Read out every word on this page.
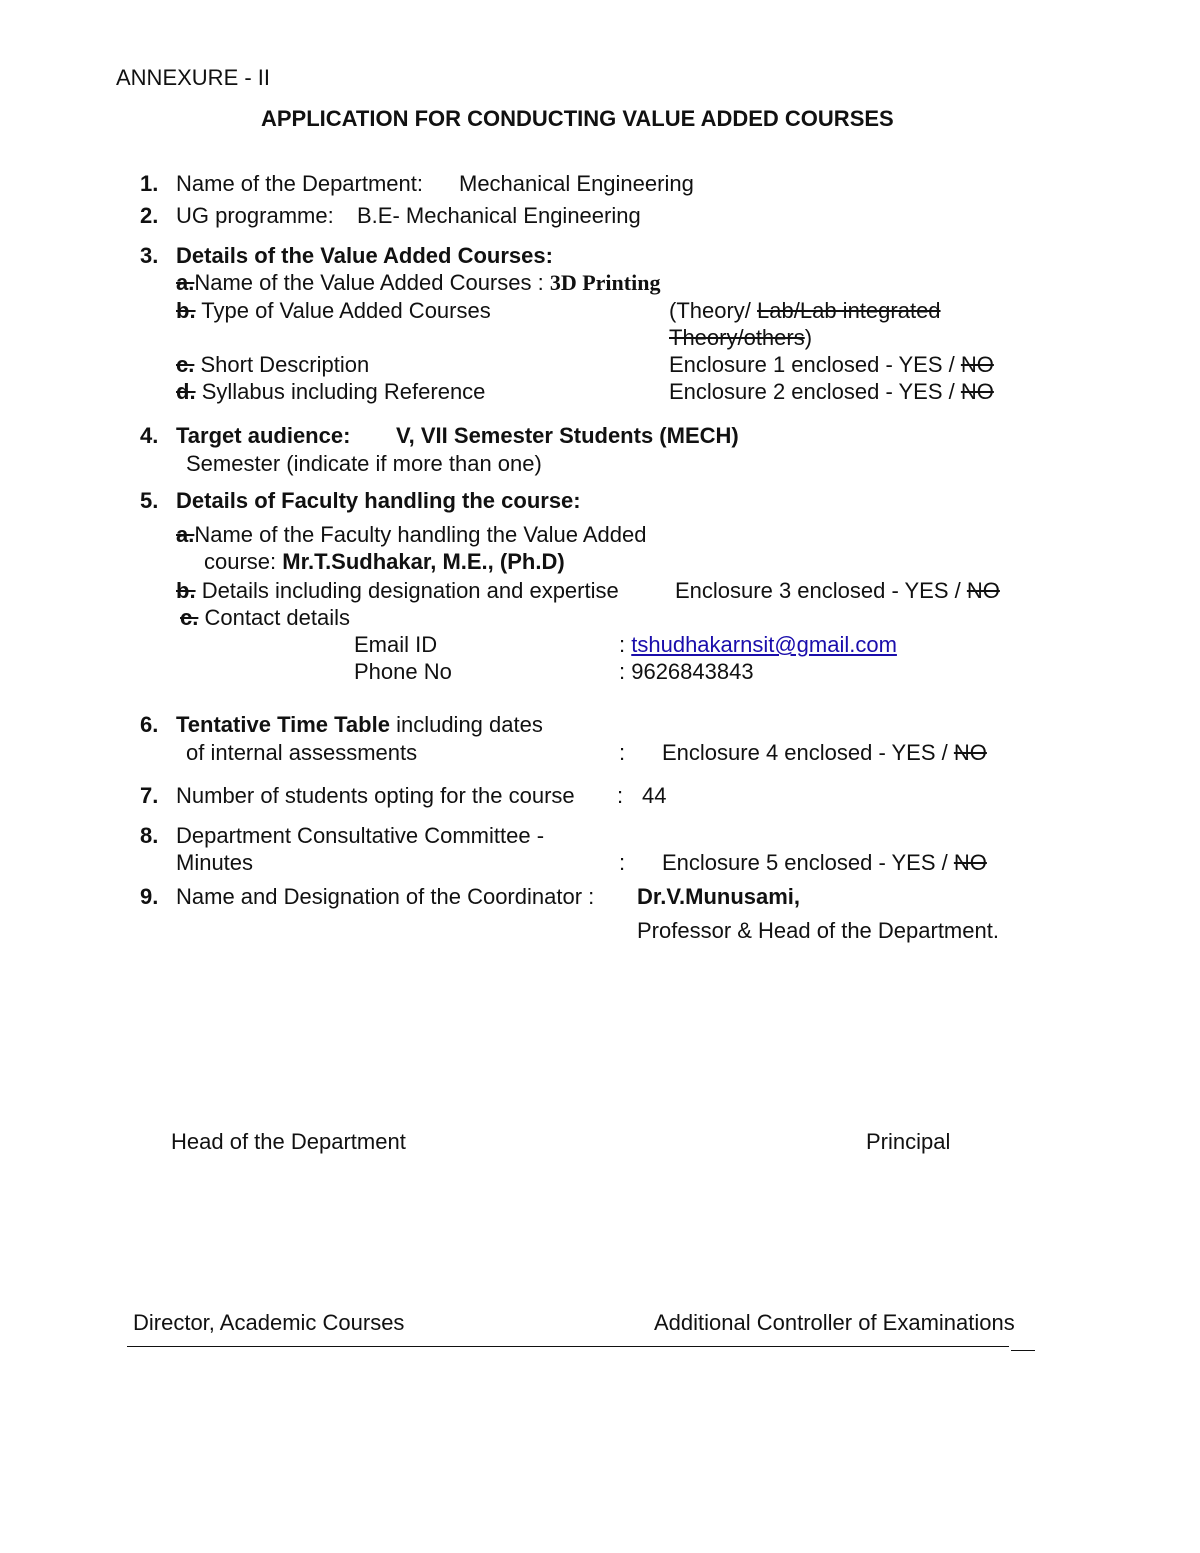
ANNEXURE - II
APPLICATION FOR CONDUCTING VALUE ADDED COURSES
1. Name of the Department: Mechanical Engineering
2. UG programme: B.E- Mechanical Engineering
3. Details of the Value Added Courses:
a.Name of the Value Added Courses : 3D Printing
b. Type of Value Added Courses	(Theory/ Lab/Lab integrated
Theory/others)
c. Short Description	Enclosure 1 enclosed - YES / NO
d. Syllabus including Reference	Enclosure 2 enclosed - YES / NO
4. Target audience: V, VII Semester Students (MECH)
Semester (indicate if more than one)
5. Details of Faculty handling the course:
a.Name of the Faculty handling the Value Added
course: Mr.T.Sudhakar, M.E., (Ph.D)
b. Details including designation and expertise	Enclosure 3 enclosed - YES / NO
c. Contact details
Email ID	: tshudhakarnsit@gmail.com
Phone No	: 9626843843
6. Tentative Time Table including dates
of internal assessments	: Enclosure 4 enclosed - YES / NO
7. Number of students opting for the course : 44
8. Department Consultative Committee -
Minutes	: Enclosure 5 enclosed - YES / NO
9. Name and Designation of the Coordinator : Dr.V.Munusami,
Professor & Head of the Department.
Head of the Department	Principal
Director, Academic Courses	Additional Controller of Examinations
